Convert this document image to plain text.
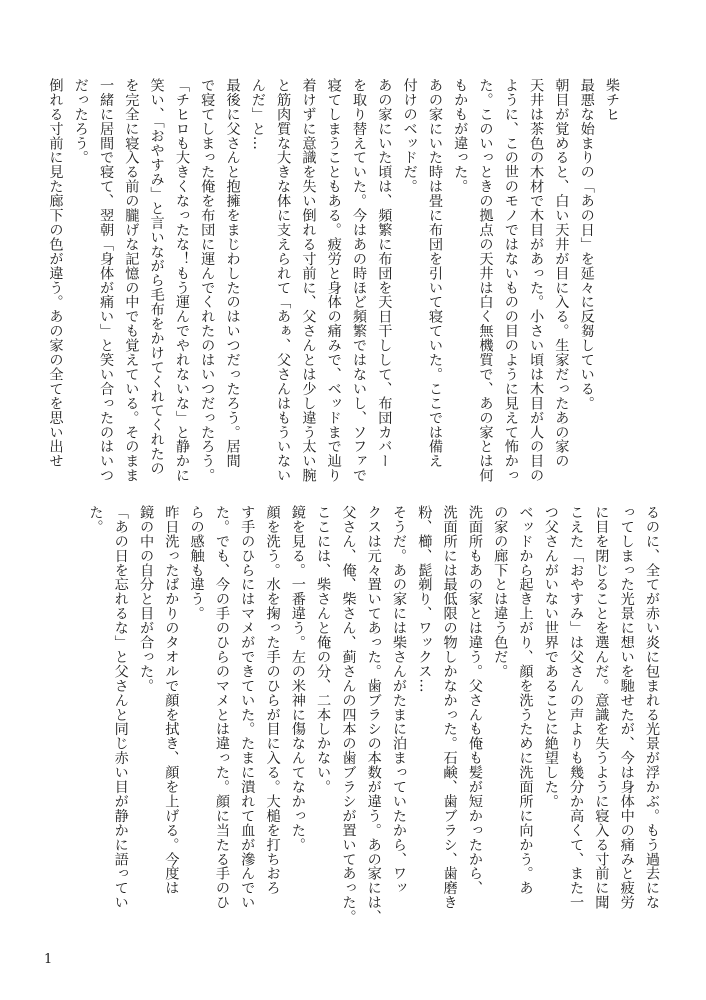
柴チヒ

最悪な始まりの「あの日」を延々に反芻している。

朝目が覚めると、白い天井が目に入る。生家だったあの家の

天井は茶色の木材で木目があった。小さい頃は木目が人の目の

ように、この世のモノではないものの目のように見えて怖かっ

た。このいっときの拠点の天井は白く無機質で、あの家とは何

もかもが違った。

あの家にいた時は畳に布団を引いて寝ていた。ここでは備え

付けのベッドだ。

あの家にいた頃は、頻繁に布団を天日干しして、布団カバー

を取り替えていた。今はあの時ほど頻繁ではないし、ソファで

寝てしまうこともある。疲労と身体の痛みで、ベッドまで辿り

着けずに意識を失い倒れる寸前に、父さんとは少し違う太い腕

と筋肉質な大きな体に支えられて「あぁ、父さんはもういない

んだ」と…

最後に父さんと抱擁をまじわしたのはいつだったろう。居間

で寝てしまった俺を布団に運んでくれたのはいつだったろう。

「チヒロも大きくなったな！もう運んでやれないな」と静かに

笑い、「おやすみ」と言いながら毛布をかけてくれてくれたの

を完全に寝入る前の朧げな記憶の中でも覚えている。そのまま

一緒に居間で寝て、翌朝「身体が痛い」と笑い合ったのはいつ

だったろう。

倒れる寸前に見た廊下の色が違う。あの家の全てを思い出せ

るのに、全てが赤い炎に包まれる光景が浮かぶ。もう過去にな

ってしまった光景に想いを馳せたが、今は身体中の痛みと疲労

に目を閉じることを選んだ。意識を失うように寝入る寸前に聞

こえた「おやすみ」は父さんの声よりも幾分か高くて、また一

つ父さんがいない世界であることに絶望した。

ベッドから起き上がり、顔を洗うために洗面所に向かう。あ

の家の廊下とは違う色だ。

洗面所もあの家とは違う。父さんも俺も髪が短かったから、

洗面所には最低限の物しかなかった。石鹸、歯ブラシ、歯磨き

粉、櫛、髭剃り、ワックス…

そうだ。あの家には柴さんがたまに泊まっていたから、ワッ

クスは元々置いてあった。歯ブラシの本数が違う。あの家には、

父さん、俺、柴さん、蓟さんの四本の歯ブラシが置いてあった。

ここには、柴さんと俺の分、二本しかない。

鏡を見る。一番違う。左の米神に傷なんてなかった。

顔を洗う。水を掬った手のひらが目に入る。大槌を打ちおろ

す手のひらにはマメができていた。たまに潰れて血が滲んでい

た。でも、今の手のひらのマメとは違った。顔に当たる手のひ

らの感触も違う。

昨日洗ったばかりのタオルで顔を拭き、顔を上げる。今度は

鏡の中の自分と目が合った。

「あの日を忘れるな」と父さんと同じ赤い目が静かに語ってい

た。

1
